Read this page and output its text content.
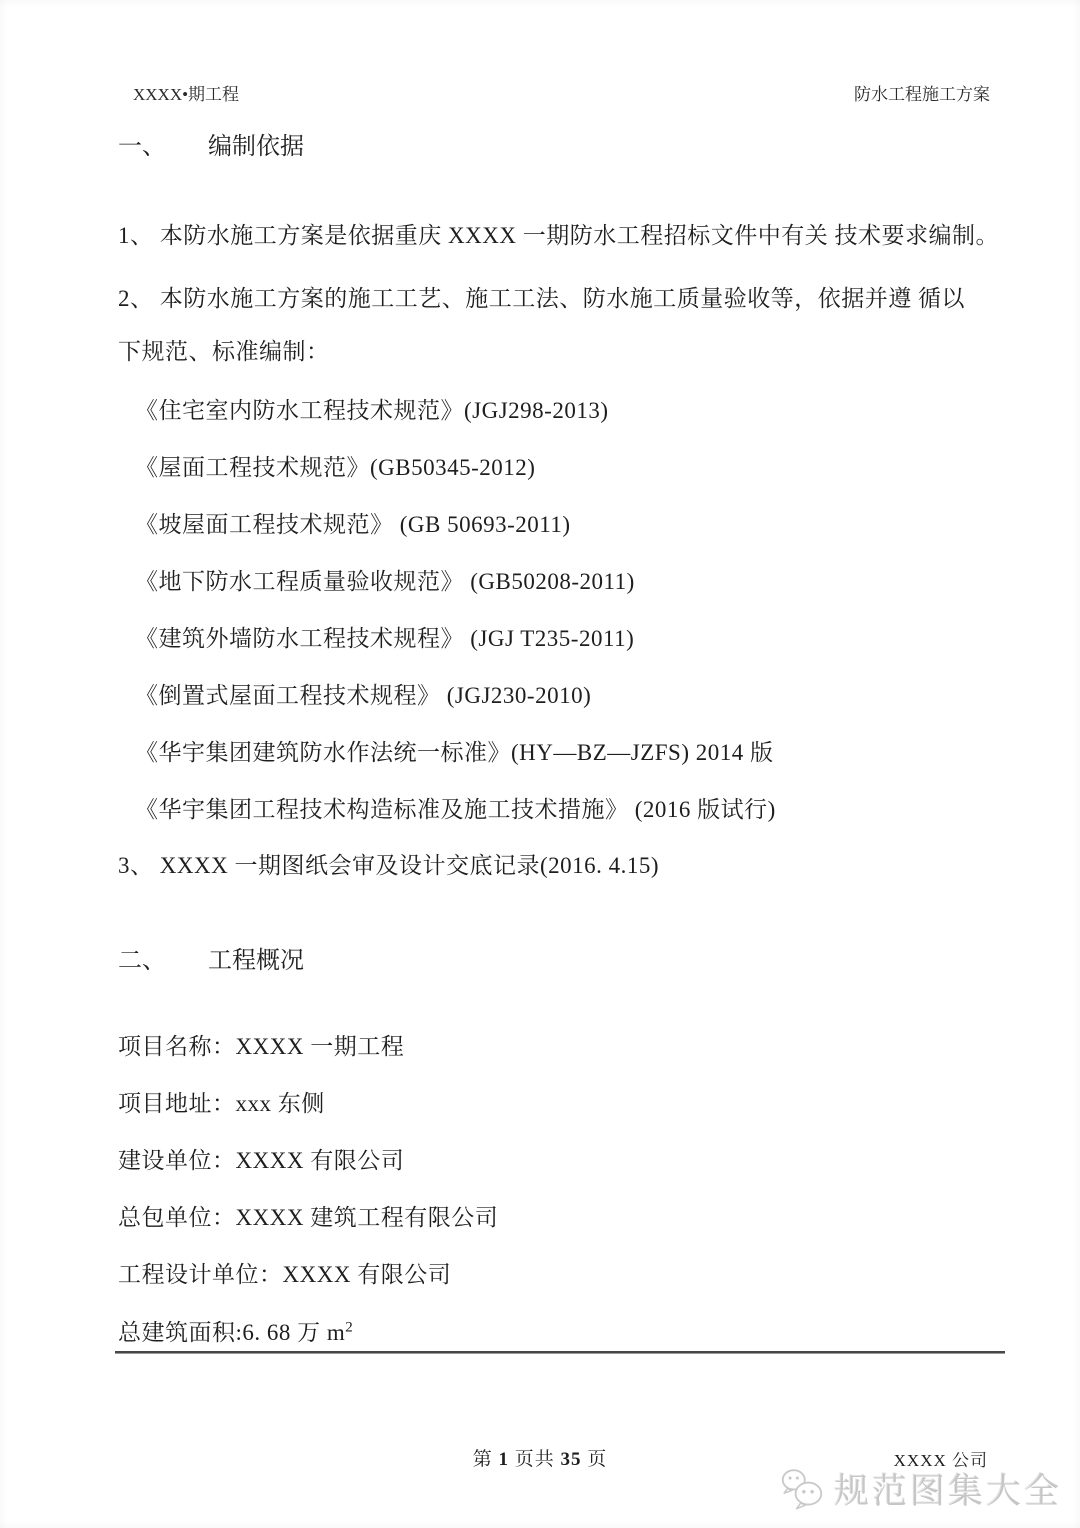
XXXX•期工程	防水工程施工方案
一、 编制依据
1、 本防水施工方案是依据重庆 XXXX 一期防水工程招标文件中有关 技术要求编制。
2、 本防水施工方案的施工工艺、施工工法、防水施工质量验收等，依据并遵 循以
下规范、标准编制：
《住宅室内防水工程技术规范》(JGJ298-2013)
《屋面工程技术规范》(GB50345-2012)
《坡屋面工程技术规范》 (GB 50693-2011)
《地下防水工程质量验收规范》 (GB50208-2011)
《建筑外墙防水工程技术规程》 (JGJ T235-2011)
《倒置式屋面工程技术规程》 (JGJ230-2010)
《华宇集团建筑防水作法统一标准》(HY—BZ—JZFS) 2014 版
《华宇集团工程技术构造标准及施工技术措施》 (2016 版试行)
3、 XXXX 一期图纸会审及设计交底记录(2016. 4.15)
二、 工程概况
项目名称：XXXX 一期工程
项目地址：xxx 东侧
建设单位：XXXX 有限公司
总包单位：XXXX 建筑工程有限公司
工程设计单位：XXXX 有限公司
总建筑面积:6. 68 万 $m^2$
第 1 页共 35 页	XXXX 公司
规范图集大全
